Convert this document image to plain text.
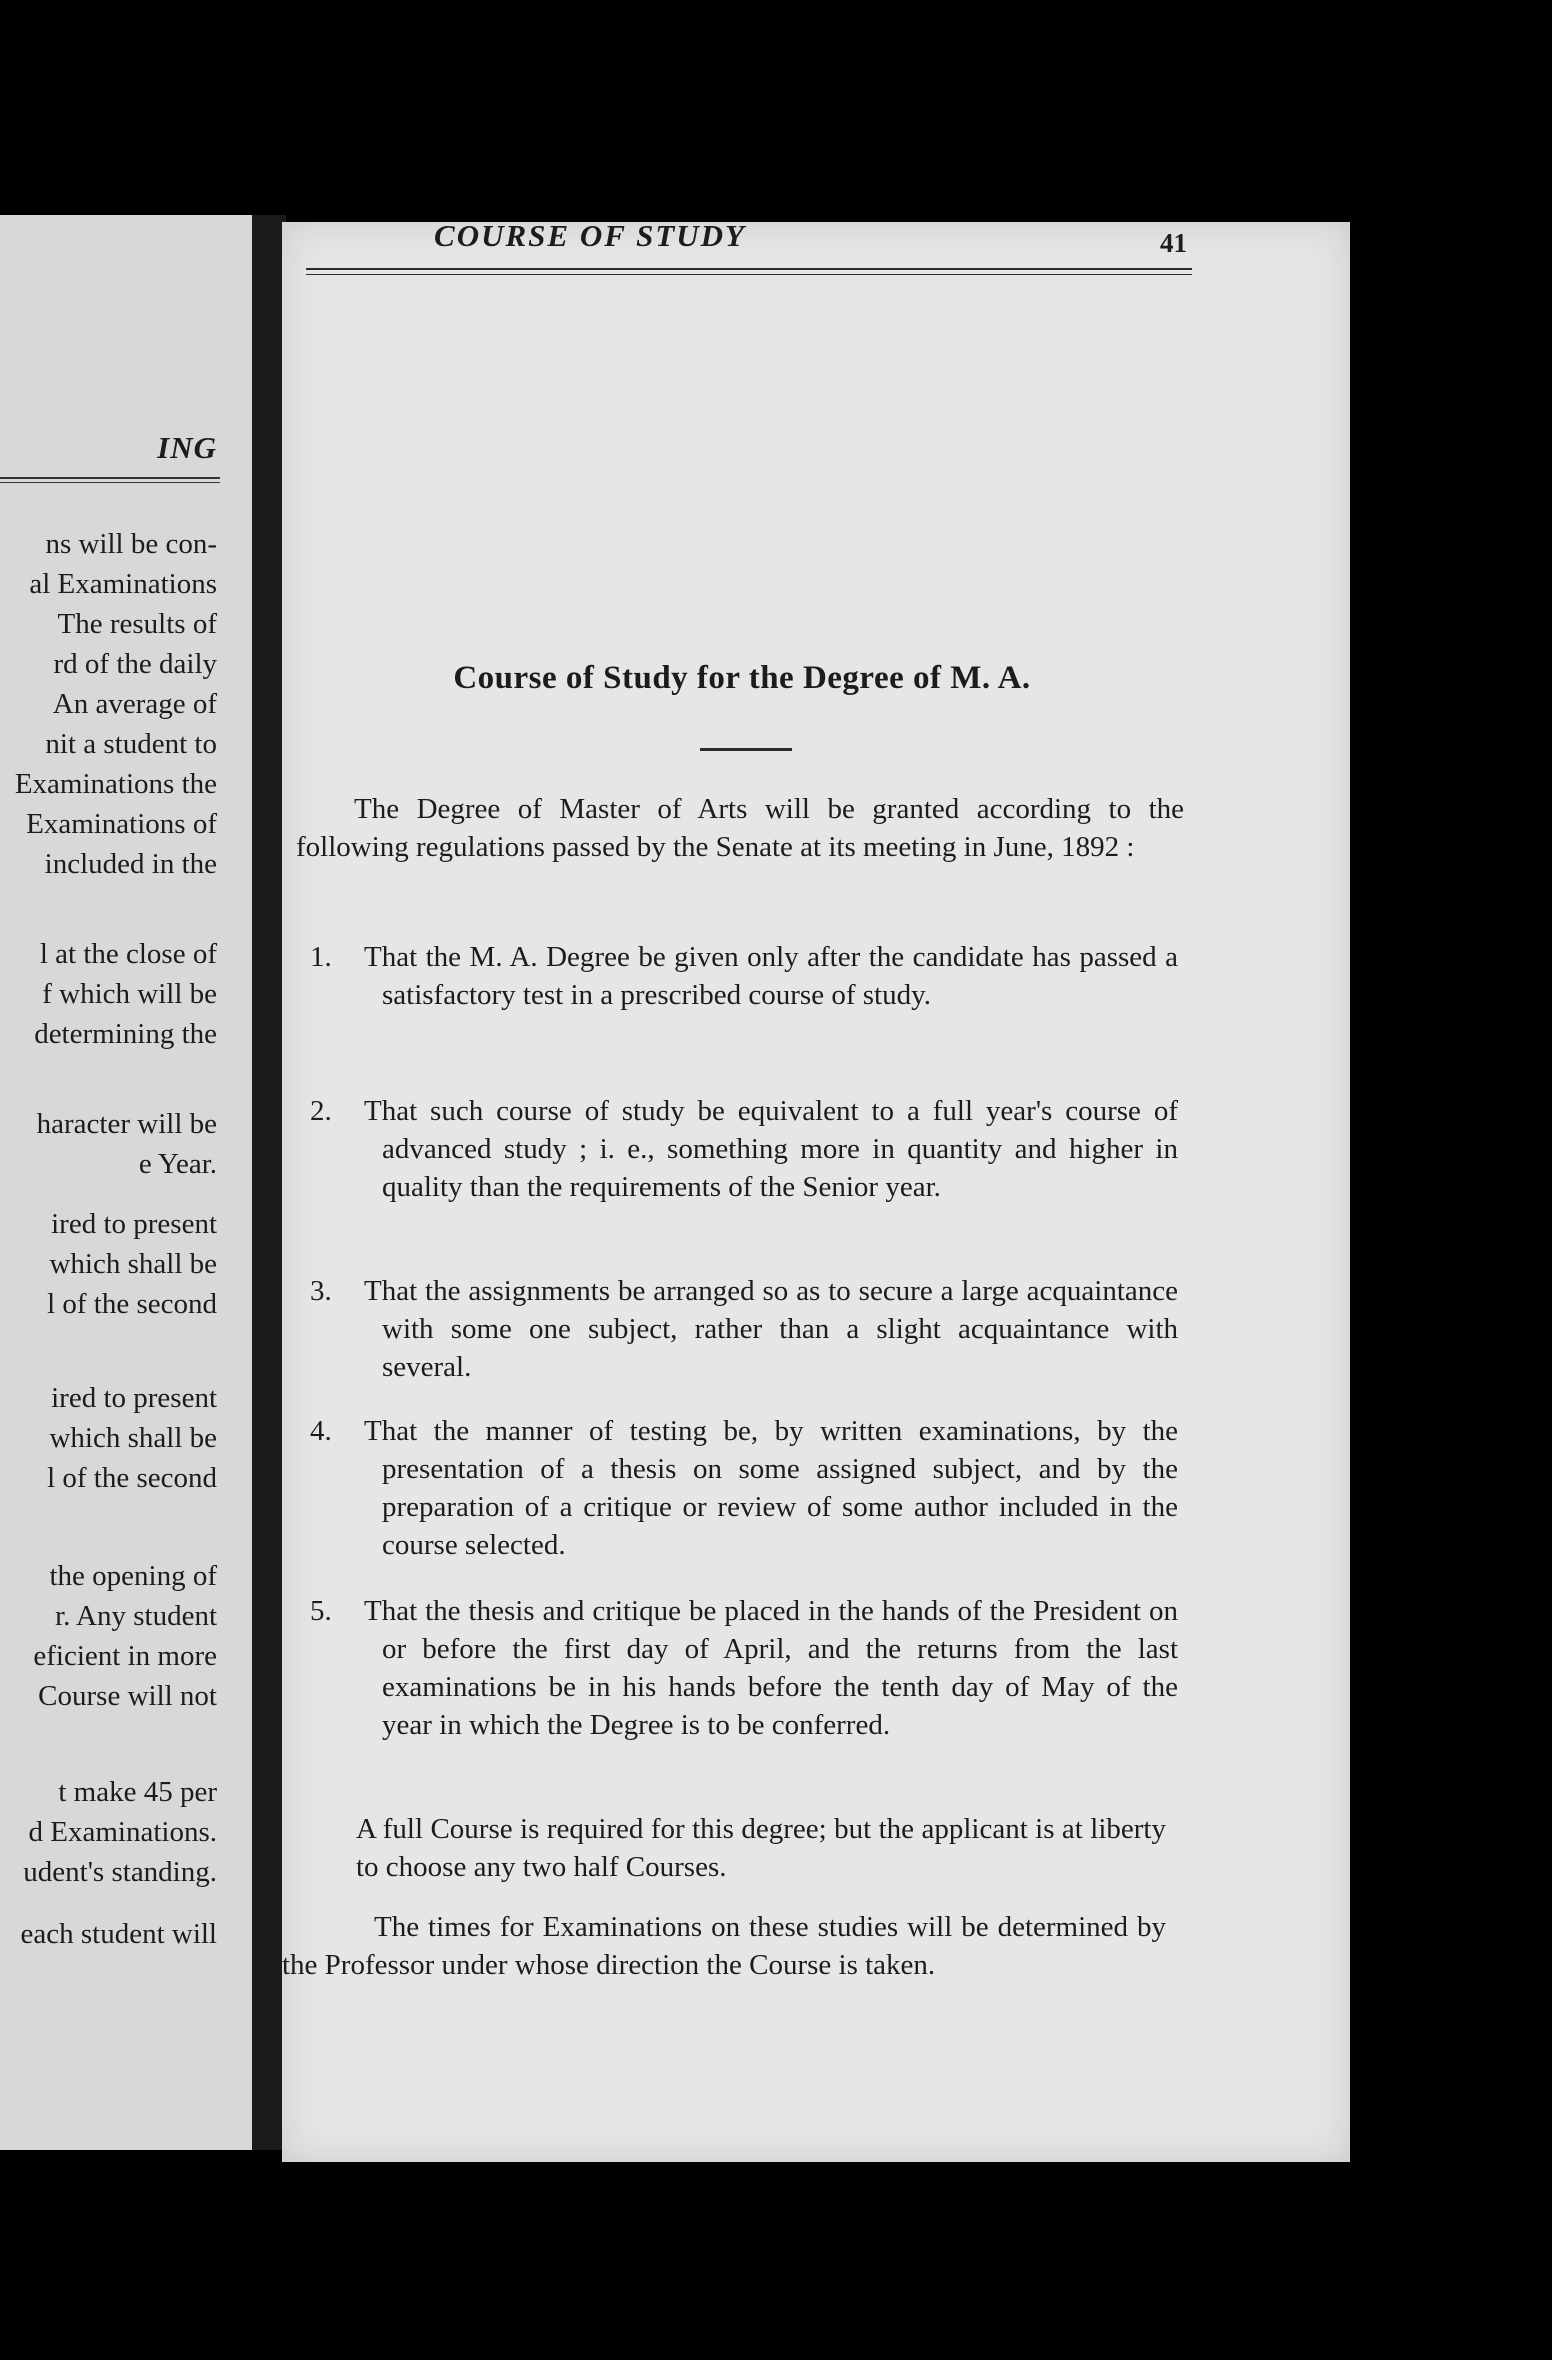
ING
ns will be con-
al Examinations
The results of
rd of the daily
An average of
nit a student to
Examinations the
Examinations of
included in the
l at the close of
f which will be
determining the
haracter will be
e Year.
ired to present
which shall be
l of the second
ired to present
which shall be
l of the second
the opening of
r. Any student
eficient in more
Course will not
t make 45 per
d Examinations.
udent's standing.
each student will
COURSE OF STUDY	41
Course of Study for the Degree of M. A.
The Degree of Master of Arts will be granted according to the following regulations passed by the Senate at its meeting in June, 1892 :
1. That the M. A. Degree be given only after the candidate has passed a satisfactory test in a prescribed course of study.
2. That such course of study be equivalent to a full year's course of advanced study ; i. e., something more in quantity and higher in quality than the requirements of the Senior year.
3. That the assignments be arranged so as to secure a large acquaintance with some one subject, rather than a slight acquaintance with several.
4. That the manner of testing be, by written examinations, by the presentation of a thesis on some assigned subject, and by the preparation of a critique or review of some author included in the course selected.
5. That the thesis and critique be placed in the hands of the President on or before the first day of April, and the returns from the last examinations be in his hands before the tenth day of May of the year in which the Degree is to be conferred.
A full Course is required for this degree; but the applicant is at liberty to choose any two half Courses.
The times for Examinations on these studies will be determined by the Professor under whose direction the Course is taken.
